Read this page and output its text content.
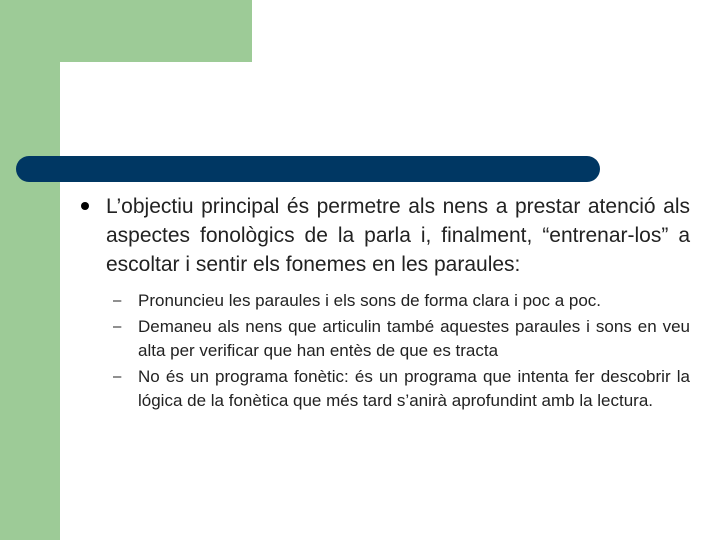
L’objectiu principal és permetre als nens a prestar atenció als aspectes fonològics de la parla i, finalment, “entrenar-los” a escoltar i sentir els fonemes en les paraules:
– Pronunciеu les paraules i els sons de forma clara i poc a poc.
– Demaneu als nens que articulin també aquestes paraules i sons en veu alta per verificar que han entès de que es tracta
– No és un programa fonètic: és un programa que intenta fer descobrir la lógica de la fonètica que més tard s’anirà aprofundint amb la lectura.
